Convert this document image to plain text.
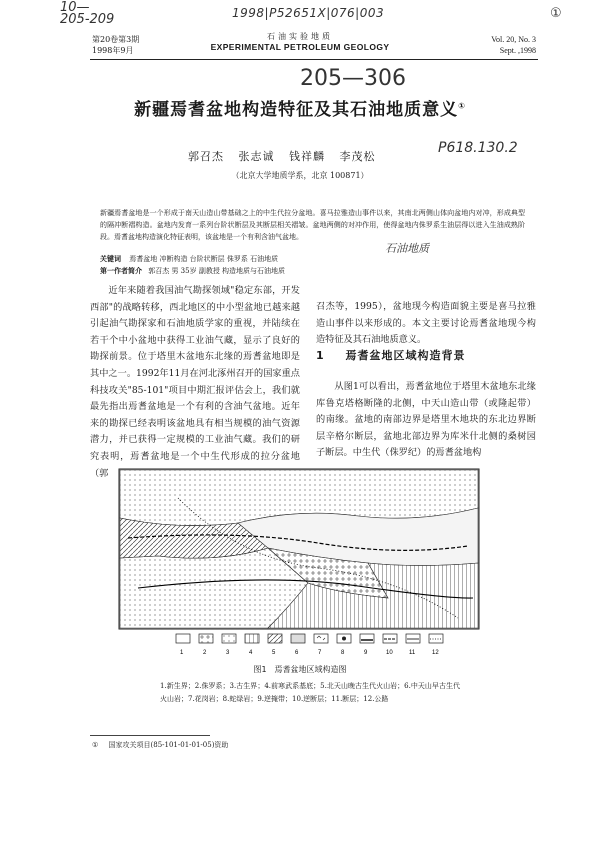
10—
205-209	1998|P52651X|076|003	①
205—306
P618.130.2
石油地质
第20卷第3期
1998年9月
石油实验地质
EXPERIMENTAL PETROLEUM GEOLOGY
Vol. 20, No. 3
Sept. ,1998
新疆焉耆盆地构造特征及其石油地质意义①
郭召杰 张志诚 钱祥麟 李茂松
（北京大学地质学系，北京 100871）
新疆焉耆盆地是一个形成于南天山造山带基础之上的中生代拉分盆地。喜马拉雅造山事件以来，其南北两侧山体向盆地内对冲，形成典型的隔冲断褶构造。盆地内发育一系列台阶状断层及其断层相关褶皱。盆地两侧的对冲作用，使得盆地内侏罗系生油层得以进入生油成熟阶段。焉耆盆地构造演化特征表明，该盆地是一个有利含油气盆地。
关键词 焉耆盆地 冲断构造 台阶状断层 侏罗系 石油地质
第一作者简介 郭召杰 男 35岁 副教授 构造地质与石油地质
近年来随着我国油气勘探领域"稳定东部，开发西部"的战略转移，西北地区的中小型盆地已越来越引起油气勘探家和石油地质学家的重视，并陆续在若干个中小盆地中获得工业油气藏，显示了良好的勘探前景。位于塔里木盆地东北缘的焉耆盆地即是其中之一。1992年11月在河北涿州召开的国家重点科技攻关"85-101"项目中期汇报评估会上，我们就最先指出焉耆盆地是一个有利的含油气盆地。近年来的勘探已经表明该盆地具有相当规模的油气资源潜力，并已获得一定规模的工业油气藏。我们的研究表明，焉耆盆地是一个中生代形成的拉分盆地（郭
召杰等，1995），盆地现今构造面貌主要是喜马拉雅造山事件以来形成的。本文主要讨论焉耆盆地现今构造特征及其石油地质意义。
1 焉耆盆地区域构造背景
从图1可以看出，焉耆盆地位于塔里木盆地东北缘库鲁克塔格断隆的北侧，中天山造山带（或隆起带）的南缘。盆地的南部边界是塔里木地块的东北边界断层辛格尔断层，盆地北部边界为库米什北侧的桑树园子断层。中生代（侏罗纪）的焉耆盆地构
1	2	3	4	5	6	7	8	9	10	11	12
图1　焉耆盆地区域构造图
1.新生界；2.侏罗系；3.古生界；4.前寒武系基底；5.北天山晚古生代火山岩；6.中天山早古生代火山岩；7.花岗岩；8.蛇绿岩；9.逆掩带；10.逆断层；11.断层；12.公路
① 国家攻关项目(85-101-01-01-05)资助
